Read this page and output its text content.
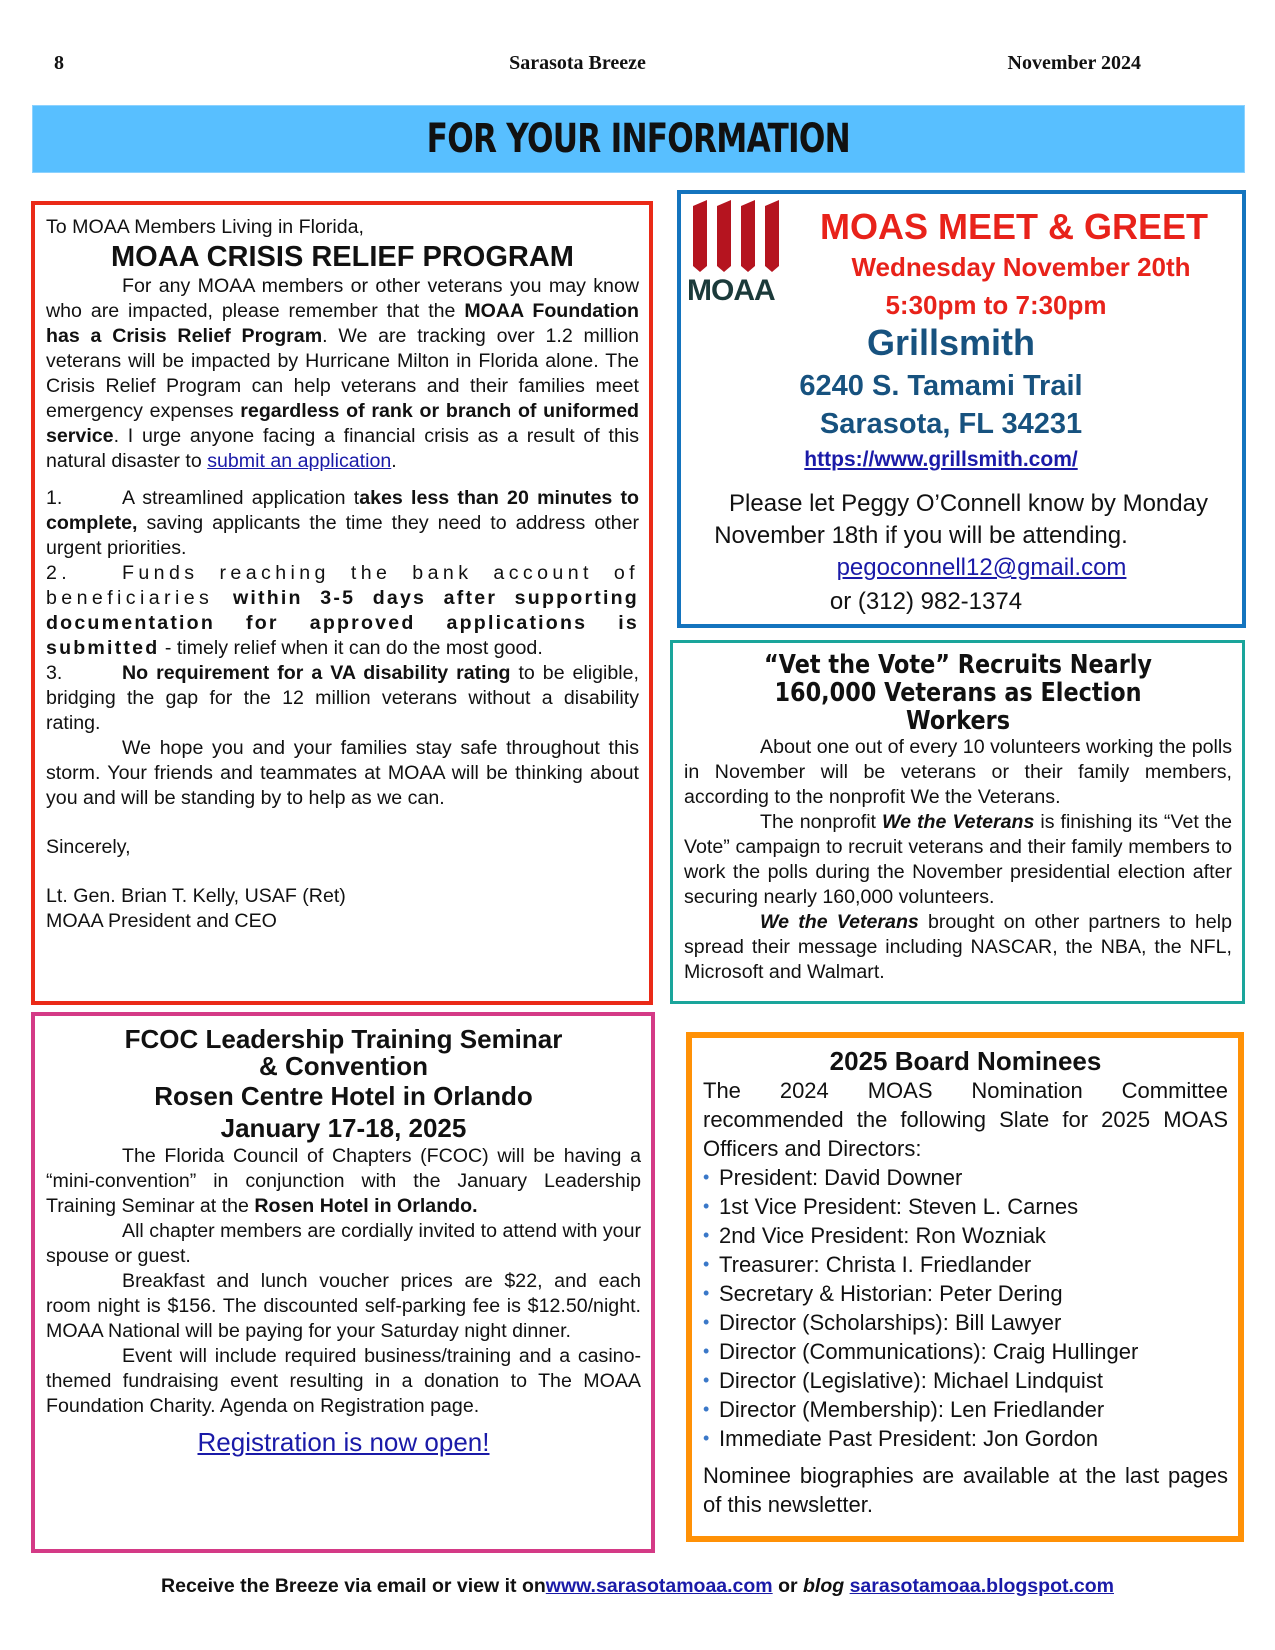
8	Sarasota Breeze	November 2024
FOR YOUR INFORMATION
To MOAA Members Living in Florida,
MOAA CRISIS RELIEF PROGRAM

For any MOAA members or other veterans you may know who are impacted, please remember that the MOAA Foundation has a Crisis Relief Program. We are tracking over 1.2 million veterans will be impacted by Hurricane Milton in Florida alone. The Crisis Relief Program can help veterans and their families meet emergency expenses regardless of rank or branch of uniformed service. I urge anyone facing a financial crisis as a result of this natural disaster to submit an application.

1.	A streamlined application takes less than 20 minutes to complete, saving applicants the time they need to address other urgent priorities.

2.	Funds reaching the bank account of beneficiaries within 3-5 days after supporting documentation for approved applications is submitted - timely relief when it can do the most good.

3.	No requirement for a VA disability rating to be eligible, bridging the gap for the 12 million veterans without a disability rating.

We hope you and your families stay safe throughout this storm. Your friends and teammates at MOAA will be thinking about you and will be standing by to help as we can.

Sincerely,
Lt. Gen. Brian T. Kelly, USAF (Ret)
MOAA President and CEO
MOAA
MOAS MEET & GREET
Wednesday November 20th
5:30pm to 7:30pm
Grillsmith
6240 S. Tamami Trail
Sarasota, FL 34231
https://www.grillsmith.com/
Please let Peggy O’Connell know by Monday
November 18th if you will be attending.
pegoconnell12@gmail.com
or (312) 982-1374
“Vet the Vote” Recruits Nearly 160,000 Veterans as Election Workers

About one out of every 10 volunteers working the polls in November will be veterans or their family members, according to the nonprofit We the Veterans.

The nonprofit We the Veterans is finishing its “Vet the Vote” campaign to recruit veterans and their family members to work the polls during the November presidential election after securing nearly 160,000 volunteers.

We the Veterans brought on other partners to help spread their message including NASCAR, the NBA, the NFL, Microsoft and Walmart.

FCOC Leadership Training Seminar
& Convention
Rosen Centre Hotel in Orlando
January 17-18, 2025

The Florida Council of Chapters (FCOC) will be having a “mini-convention” in conjunction with the January Leadership Training Seminar at the Rosen Hotel in Orlando.

All chapter members are cordially invited to attend with your spouse or guest.

Breakfast and lunch voucher prices are $22, and each room night is $156. The discounted self-parking fee is $12.50/night. MOAA National will be paying for your Saturday night dinner.

Event will include required business/training and a casino-themed fundraising event resulting in a donation to The MOAA Foundation Charity. Agenda on Registration page.

Registration is now open!
2025 Board Nominees

The 2024 MOAS Nomination Committee recommended the following Slate for 2025 MOAS Officers and Directors:

• President: David Downer
• 1st Vice President: Steven L. Carnes
• 2nd Vice President: Ron Wozniak
• Treasurer: Christa I. Friedlander
• Secretary & Historian: Peter Dering
• Director (Scholarships): Bill Lawyer
• Director (Communications): Craig Hullinger
• Director (Legislative): Michael Lindquist
• Director (Membership): Len Friedlander
• Immediate Past President: Jon Gordon

Nominee biographies are available at the last pages of this newsletter.

Receive the Breeze via email or view it onwww.sarasotamoaa.com or blog sarasotamoaa.blogspot.com
